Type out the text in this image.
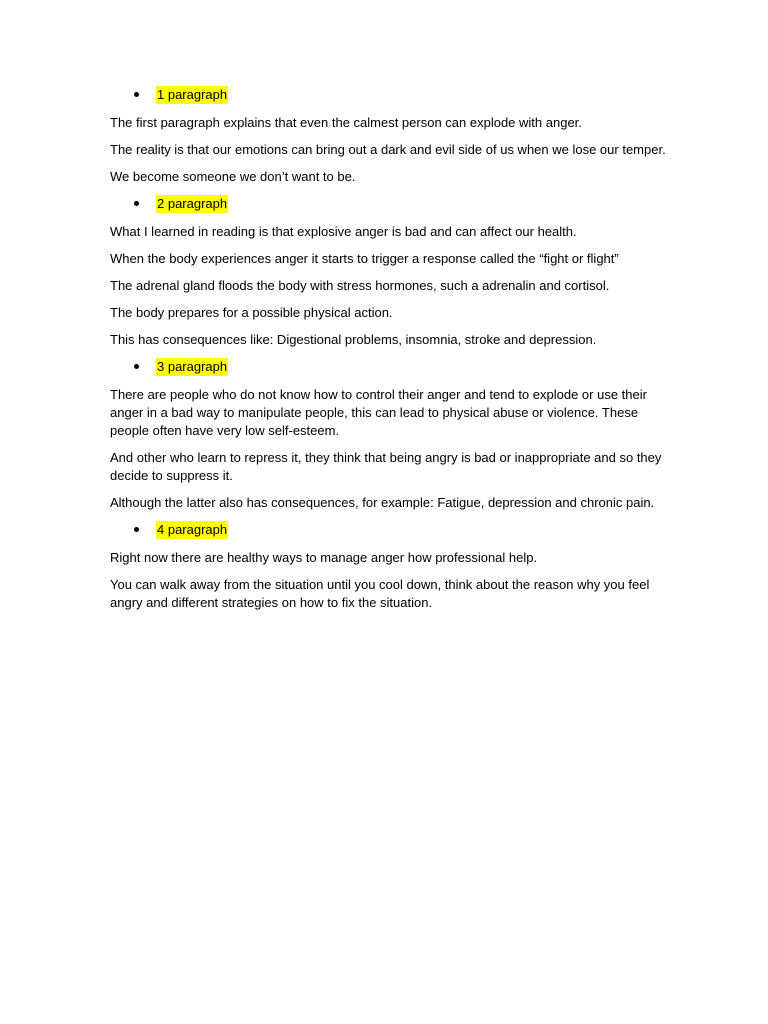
1 paragraph

The first paragraph explains that even the calmest person can explode with anger.

The reality is that our emotions can bring out a dark and evil side of us when we lose our temper.

We become someone we don’t want to be.

2 paragraph

What I learned in reading is that explosive anger is bad and can affect our health.

When the body experiences anger it starts to trigger a response called the “fight or flight”

The adrenal gland floods the body with stress hormones, such a adrenalin and cortisol.

The body prepares for a possible physical action.

This has consequences like: Digestional problems, insomnia, stroke and depression.

3 paragraph

There are people who do not know how to control their anger and tend to explode or use their anger in a bad way to manipulate people, this can lead to physical abuse or violence. These people often have very low self-esteem.

And other who learn to repress it, they think that being angry is bad or inappropriate and so they decide to suppress it.

Although the latter also has consequences, for example: Fatigue, depression and chronic pain.

4 paragraph

Right now there are healthy ways to manage anger how professional help.

You can walk away from the situation until you cool down, think about the reason why you feel angry and different strategies on how to fix the situation.
